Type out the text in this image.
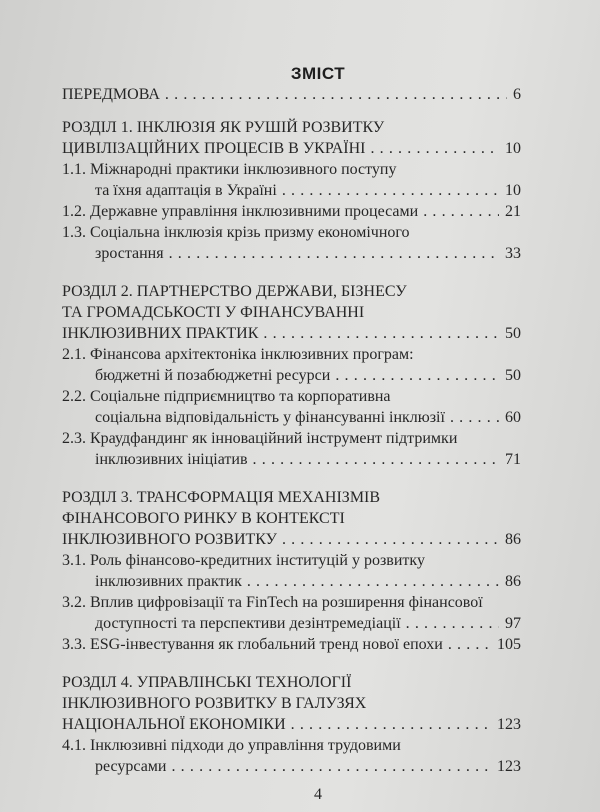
ЗМІСТ
ПЕРЕДМОВА . . .	6
РОЗДІЛ 1. ІНКЛЮЗІЯ ЯК РУШІЙ РОЗВИТКУ
ЦИВІЛІЗАЦІЙНИХ ПРОЦЕСІВ В УКРАЇНІ . . .	10
1.1. Міжнародні практики інклюзивного поступу
та їхня адаптація в Україні . . .	10
1.2. Державне управління інклюзивними процесами . . .	21
1.3. Соціальна інклюзія крізь призму економічного
зростання . . .	33
РОЗДІЛ 2. ПАРТНЕРСТВО ДЕРЖАВИ, БІЗНЕСУ
ТА ГРОМАДСЬКОСТІ У ФІНАНСУВАННІ
ІНКЛЮЗИВНИХ ПРАКТИК . . .	50
2.1. Фінансова архітектоніка інклюзивних програм:
бюджетні й позабюджетні ресурси . . .	50
2.2. Соціальне підприємництво та корпоративна
соціальна відповідальність у фінансуванні інклюзії . . .	60
2.3. Краудфандинг як інноваційний інструмент підтримки
інклюзивних ініціатив . . .	71
РОЗДІЛ 3. ТРАНСФОРМАЦІЯ МЕХАНІЗМІВ
ФІНАНСОВОГО РИНКУ В КОНТЕКСТІ
ІНКЛЮЗИВНОГО РОЗВИТКУ . . .	86
3.1. Роль фінансово-кредитних інституцій у розвитку
інклюзивних практик . . .	86
3.2. Вплив цифровізації та FinTech на розширення фінансової
доступності та перспективи дезінтремедіації . . .	97
3.3. ESG-інвестування як глобальний тренд нової епохи . . .	105
РОЗДІЛ 4. УПРАВЛІНСЬКІ ТЕХНОЛОГІЇ
ІНКЛЮЗИВНОГО РОЗВИТКУ В ГАЛУЗЯХ
НАЦІОНАЛЬНОЇ ЕКОНОМІКИ . . .	123
4.1. Інклюзивні підходи до управління трудовими
ресурсами . . .	123
4
